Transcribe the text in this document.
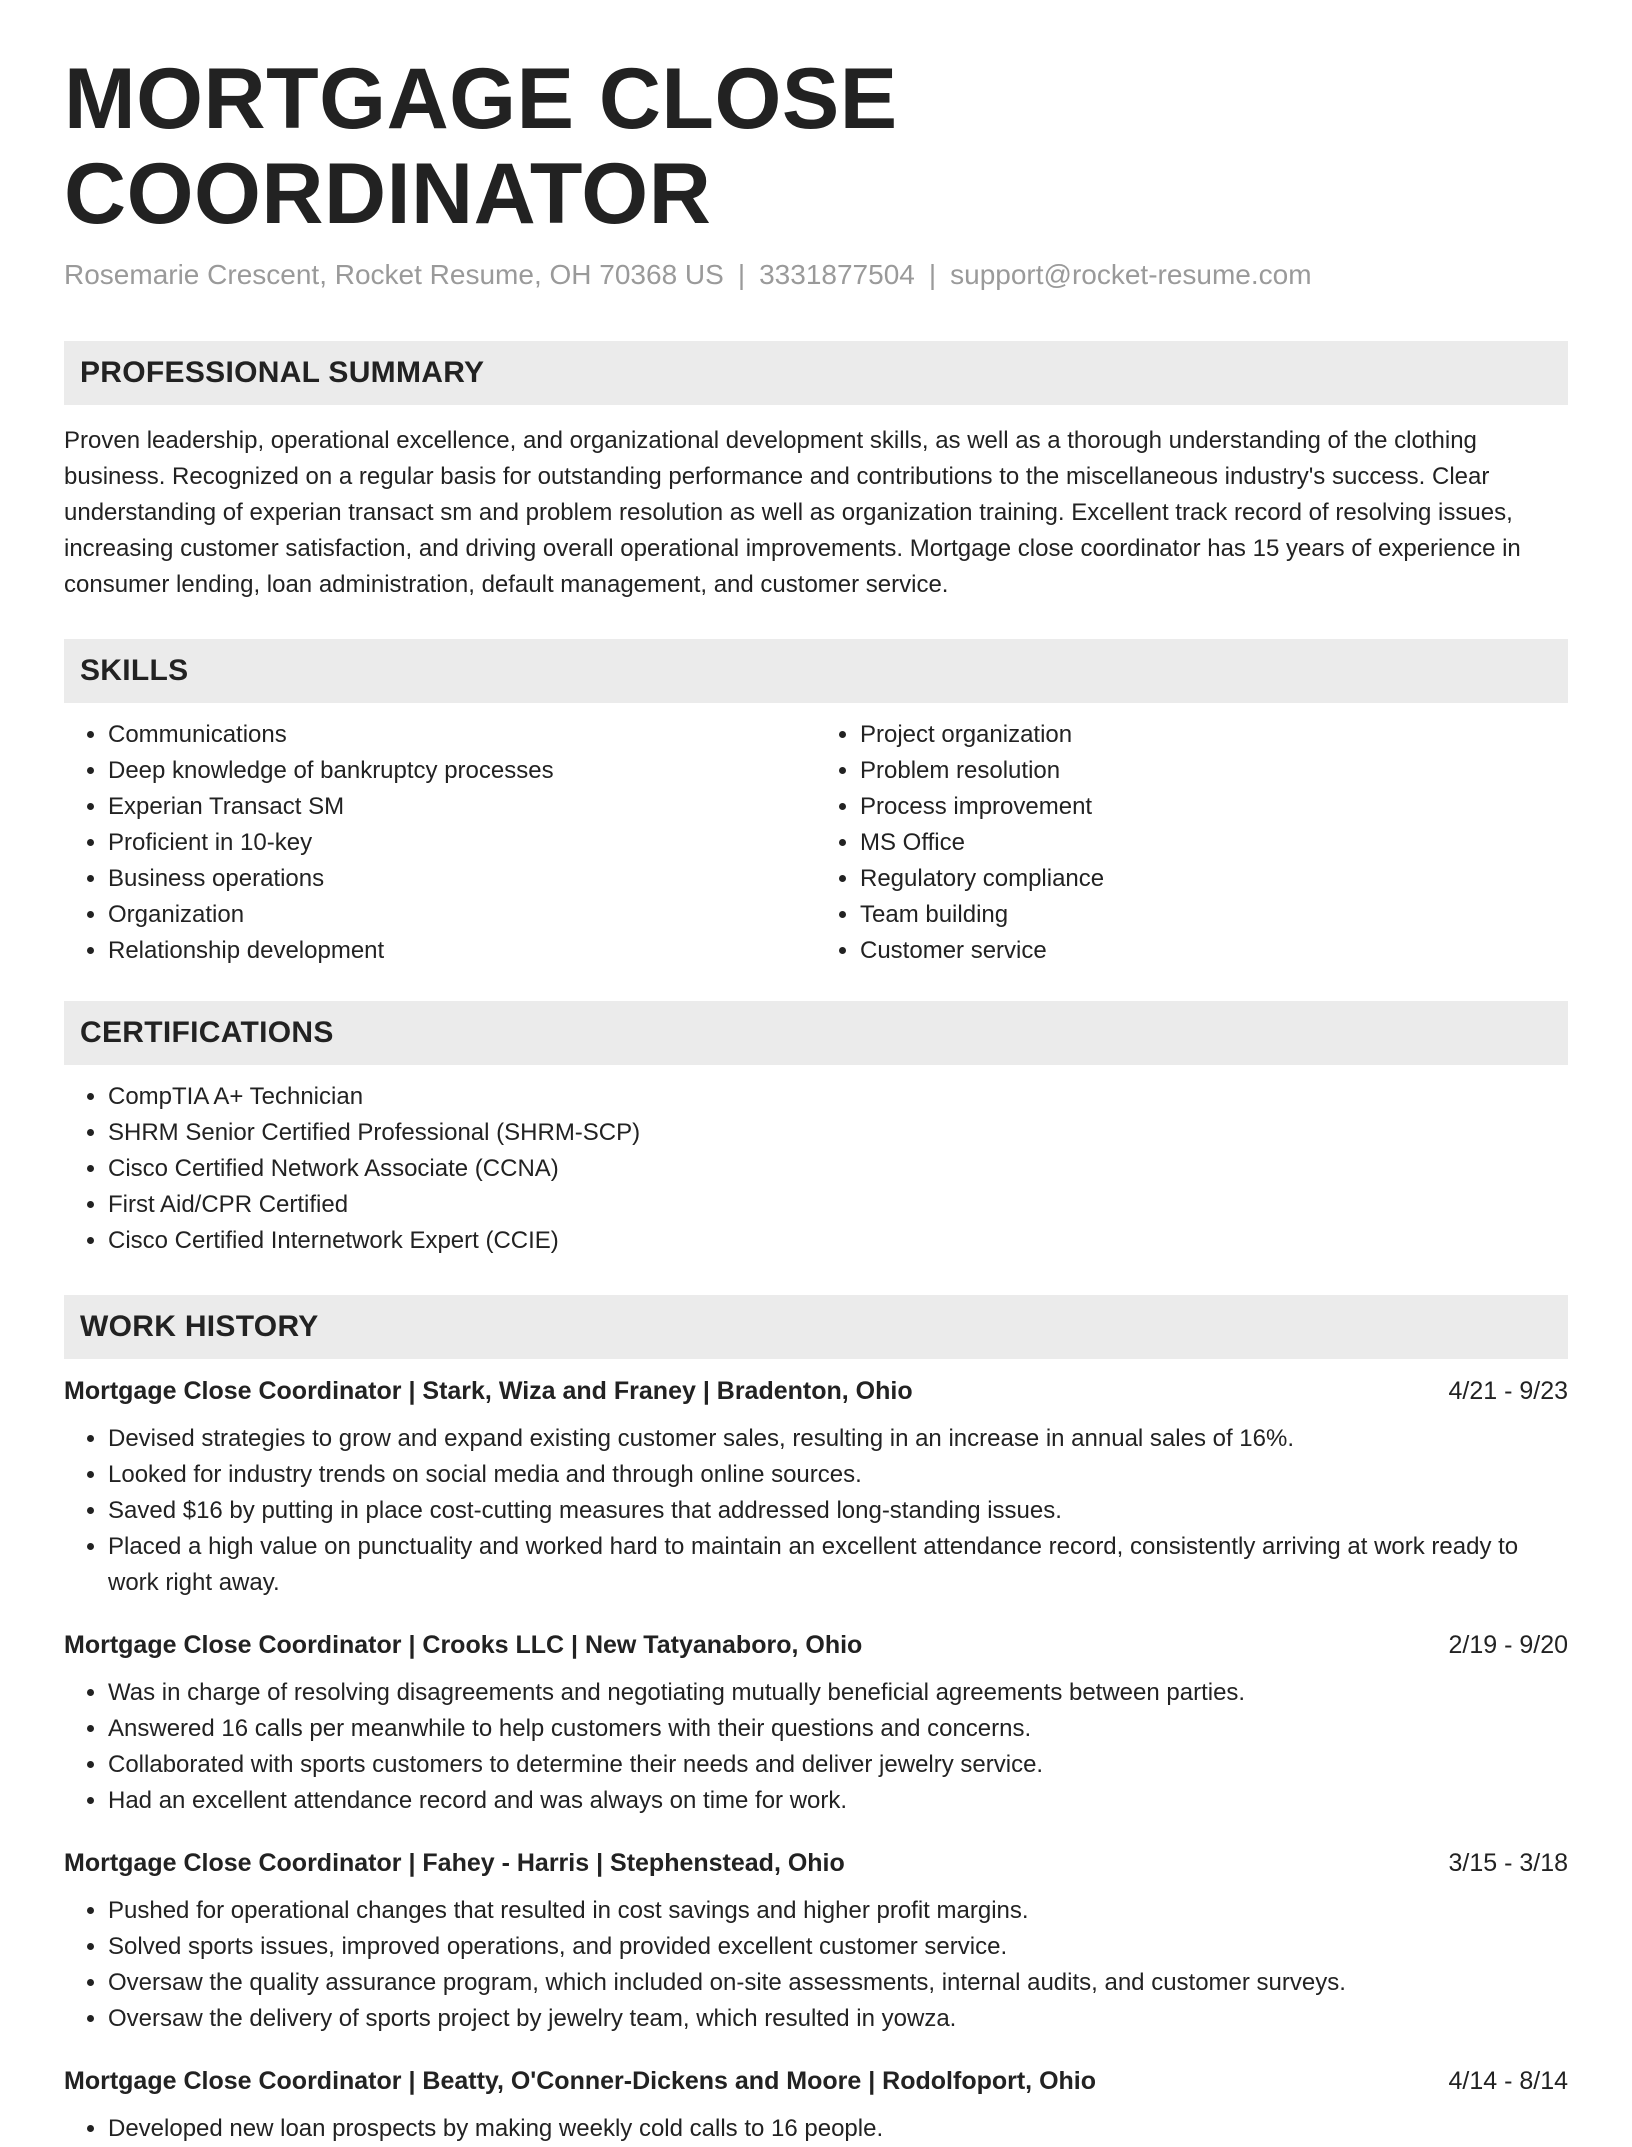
MORTGAGE CLOSE COORDINATOR
Rosemarie Crescent, Rocket Resume, OH 70368 US | 3331877504 | support@rocket-resume.com
PROFESSIONAL SUMMARY
Proven leadership, operational excellence, and organizational development skills, as well as a thorough understanding of the clothing business. Recognized on a regular basis for outstanding performance and contributions to the miscellaneous industry's success. Clear understanding of experian transact sm and problem resolution as well as organization training. Excellent track record of resolving issues, increasing customer satisfaction, and driving overall operational improvements. Mortgage close coordinator has 15 years of experience in consumer lending, loan administration, default management, and customer service.
SKILLS
• Communications
• Deep knowledge of bankruptcy processes
• Experian Transact SM
• Proficient in 10-key
• Business operations
• Organization
• Relationship development
• Project organization
• Problem resolution
• Process improvement
• MS Office
• Regulatory compliance
• Team building
• Customer service
CERTIFICATIONS
• CompTIA A+ Technician
• SHRM Senior Certified Professional (SHRM-SCP)
• Cisco Certified Network Associate (CCNA)
• First Aid/CPR Certified
• Cisco Certified Internetwork Expert (CCIE)
WORK HISTORY
Mortgage Close Coordinator | Stark, Wiza and Franey | Bradenton, Ohio	4/21 - 9/23
• Devised strategies to grow and expand existing customer sales, resulting in an increase in annual sales of 16%.
• Looked for industry trends on social media and through online sources.
• Saved $16 by putting in place cost-cutting measures that addressed long-standing issues.
• Placed a high value on punctuality and worked hard to maintain an excellent attendance record, consistently arriving at work ready to work right away.
Mortgage Close Coordinator | Crooks LLC | New Tatyanaboro, Ohio	2/19 - 9/20
• Was in charge of resolving disagreements and negotiating mutually beneficial agreements between parties.
• Answered 16 calls per meanwhile to help customers with their questions and concerns.
• Collaborated with sports customers to determine their needs and deliver jewelry service.
• Had an excellent attendance record and was always on time for work.
Mortgage Close Coordinator | Fahey - Harris | Stephenstead, Ohio	3/15 - 3/18
• Pushed for operational changes that resulted in cost savings and higher profit margins.
• Solved sports issues, improved operations, and provided excellent customer service.
• Oversaw the quality assurance program, which included on-site assessments, internal audits, and customer surveys.
• Oversaw the delivery of sports project by jewelry team, which resulted in yowza.
Mortgage Close Coordinator | Beatty, O'Conner-Dickens and Moore | Rodolfoport, Ohio	4/14 - 8/14
• Developed new loan prospects by making weekly cold calls to 16 people.
